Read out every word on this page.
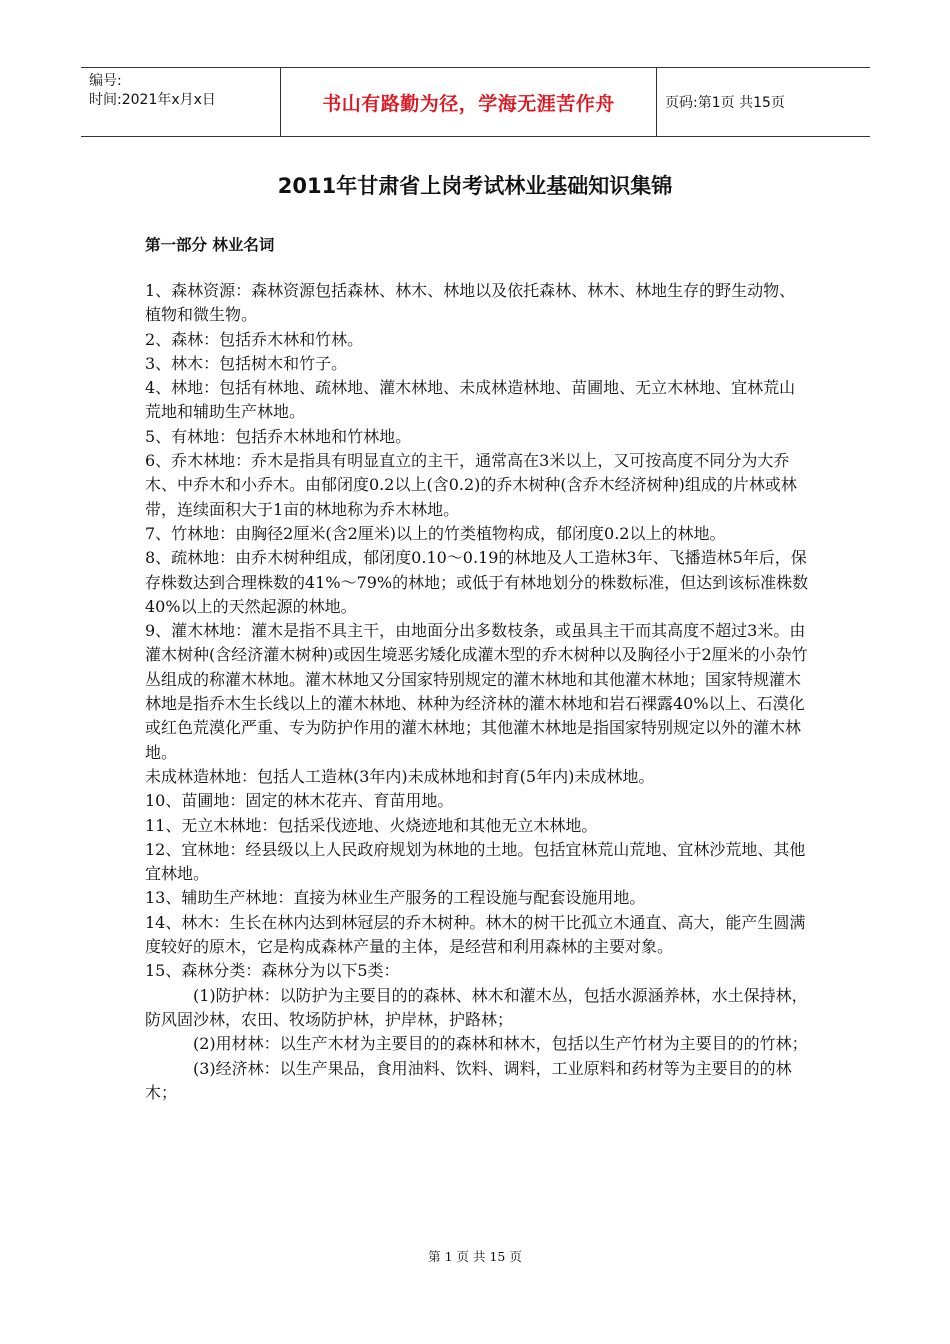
编号:
时间:2021年x月x日	书山有路勤为径，学海无涯苦作舟	页码:第1页 共15页
2011年甘肃省上岗考试林业基础知识集锦
第一部分 林业名词

1、森林资源：森林资源包括森林、林木、林地以及依托森林、林木、林地生存的野生动物、植物和微生物。

2、森林：包括乔木林和竹林。

3、林木：包括树木和竹子。

4、林地：包括有林地、疏林地、灌木林地、未成林造林地、苗圃地、无立木林地、宜林荒山荒地和辅助生产林地。

5、有林地：包括乔木林地和竹林地。

6、乔木林地：乔木是指具有明显直立的主干，通常高在3米以上，又可按高度不同分为大乔木、中乔木和小乔木。由郁闭度0.2以上(含0.2)的乔木树种(含乔木经济树种)组成的片林或林带，连续面积大于1亩的林地称为乔木林地。

7、竹林地：由胸径2厘米(含2厘米)以上的竹类植物构成，郁闭度0.2以上的林地。

8、疏林地：由乔木树种组成，郁闭度0.10～0.19的林地及人工造林3年、飞播造林5年后，保存株数达到合理株数的41%～79%的林地；或低于有林地划分的株数标准，但达到该标准株数40%以上的天然起源的林地。

9、灌木林地：灌木是指不具主干，由地面分出多数枝条，或虽具主干而其高度不超过3米。由灌木树种(含经济灌木树种)或因生境恶劣矮化成灌木型的乔木树种以及胸径小于2厘米的小杂竹丛组成的称灌木林地。灌木林地又分国家特别规定的灌木林地和其他灌木林地；国家特规灌木林地是指乔木生长线以上的灌木林地、林种为经济林的灌木林地和岩石裸露40%以上、石漠化或红色荒漠化严重、专为防护作用的灌木林地；其他灌木林地是指国家特别规定以外的灌木林地。

未成林造林地：包括人工造林(3年内)未成林地和封育(5年内)未成林地。

10、苗圃地：固定的林木花卉、育苗用地。

11、无立木林地：包括采伐迹地、火烧迹地和其他无立木林地。

12、宜林地：经县级以上人民政府规划为林地的土地。包括宜林荒山荒地、宜林沙荒地、其他宜林地。

13、辅助生产林地：直接为林业生产服务的工程设施与配套设施用地。

14、林木：生长在林内达到林冠层的乔木树种。林木的树干比孤立木通直、高大，能产生圆满度较好的原木，它是构成森林产量的主体，是经营和利用森林的主要对象。

15、森林分类：森林分为以下5类：

(1)防护林：以防护为主要目的的森林、林木和灌木丛，包括水源涵养林，水土保持林，防风固沙林，农田、牧场防护林，护岸林，护路林；

(2)用材林：以生产木材为主要目的的森林和林木，包括以生产竹材为主要目的的竹林；

(3)经济林：以生产果品，食用油料、饮料、调料，工业原料和药材等为主要目的的林木；

第 1 页 共 15 页
